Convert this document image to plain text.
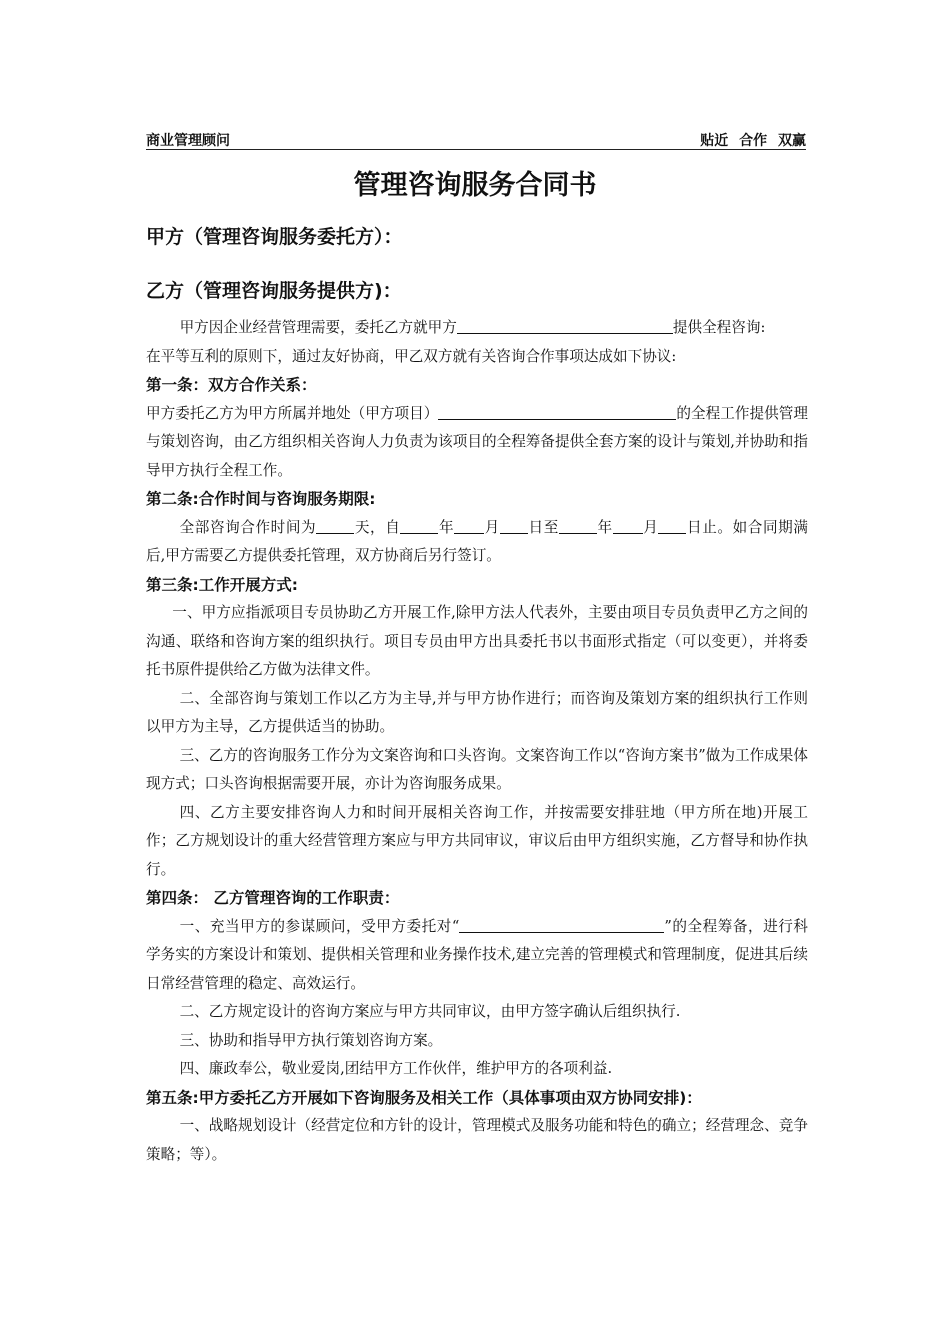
商业管理顾问	贴近 合作 双赢
管理咨询服务合同书
甲方（管理咨询服务委托方）：
乙方（管理咨询服务提供方)：

甲方因企业经营管理需要，委托乙方就甲方	提供全程咨询:

在平等互利的原则下，通过友好协商，甲乙双方就有关咨询合作事项达成如下协议:

第一条：双方合作关系：

甲方委托乙方为甲方所属并地处（甲方项目）	的全程工作提供管理与策划咨询，由乙方组织相关咨询人力负责为该项目的全程筹备提供全套方案的设计与策划,并协助和指导甲方执行全程工作。

第二条:合作时间与咨询服务期限:

全部咨询合作时间为	天，自	年 月 日至	年 月 日止。如合同期满后,甲方需要乙方提供委托管理，双方协商后另行签订。

第三条:工作开展方式:

一、甲方应指派项目专员协助乙方开展工作,除甲方法人代表外，主要由项目专员负责甲乙方之间的沟通、联络和咨询方案的组织执行。项目专员由甲方出具委托书以书面形式指定（可以变更），并将委托书原件提供给乙方做为法律文件。

二、全部咨询与策划工作以乙方为主导,并与甲方协作进行；而咨询及策划方案的组织执行工作则以甲方为主导，乙方提供适当的协助。

三、乙方的咨询服务工作分为文案咨询和口头咨询。文案咨询工作以“咨询方案书”做为工作成果体现方式；口头咨询根据需要开展，亦计为咨询服务成果。

四、乙方主要安排咨询人力和时间开展相关咨询工作，并按需要安排驻地（甲方所在地)开展工作；乙方规划设计的重大经营管理方案应与甲方共同审议，审议后由甲方组织实施，乙方督导和协作执行。

第四条： 乙方管理咨询的工作职责：

一、充当甲方的参谋顾问，受甲方委托对“	”的全程筹备，进行科学务实的方案设计和策划、提供相关管理和业务操作技术,建立完善的管理模式和管理制度，促进其后续日常经营管理的稳定、高效运行。

二、乙方规定设计的咨询方案应与甲方共同审议，由甲方签字确认后组织执行.

三、协助和指导甲方执行策划咨询方案。

四、廉政奉公，敬业爱岗,团结甲方工作伙伴，维护甲方的各项利益.

第五条:甲方委托乙方开展如下咨询服务及相关工作（具体事项由双方协同安排)：

一、战略规划设计（经营定位和方针的设计，管理模式及服务功能和特色的确立；经营理念、竞争策略；等）。
